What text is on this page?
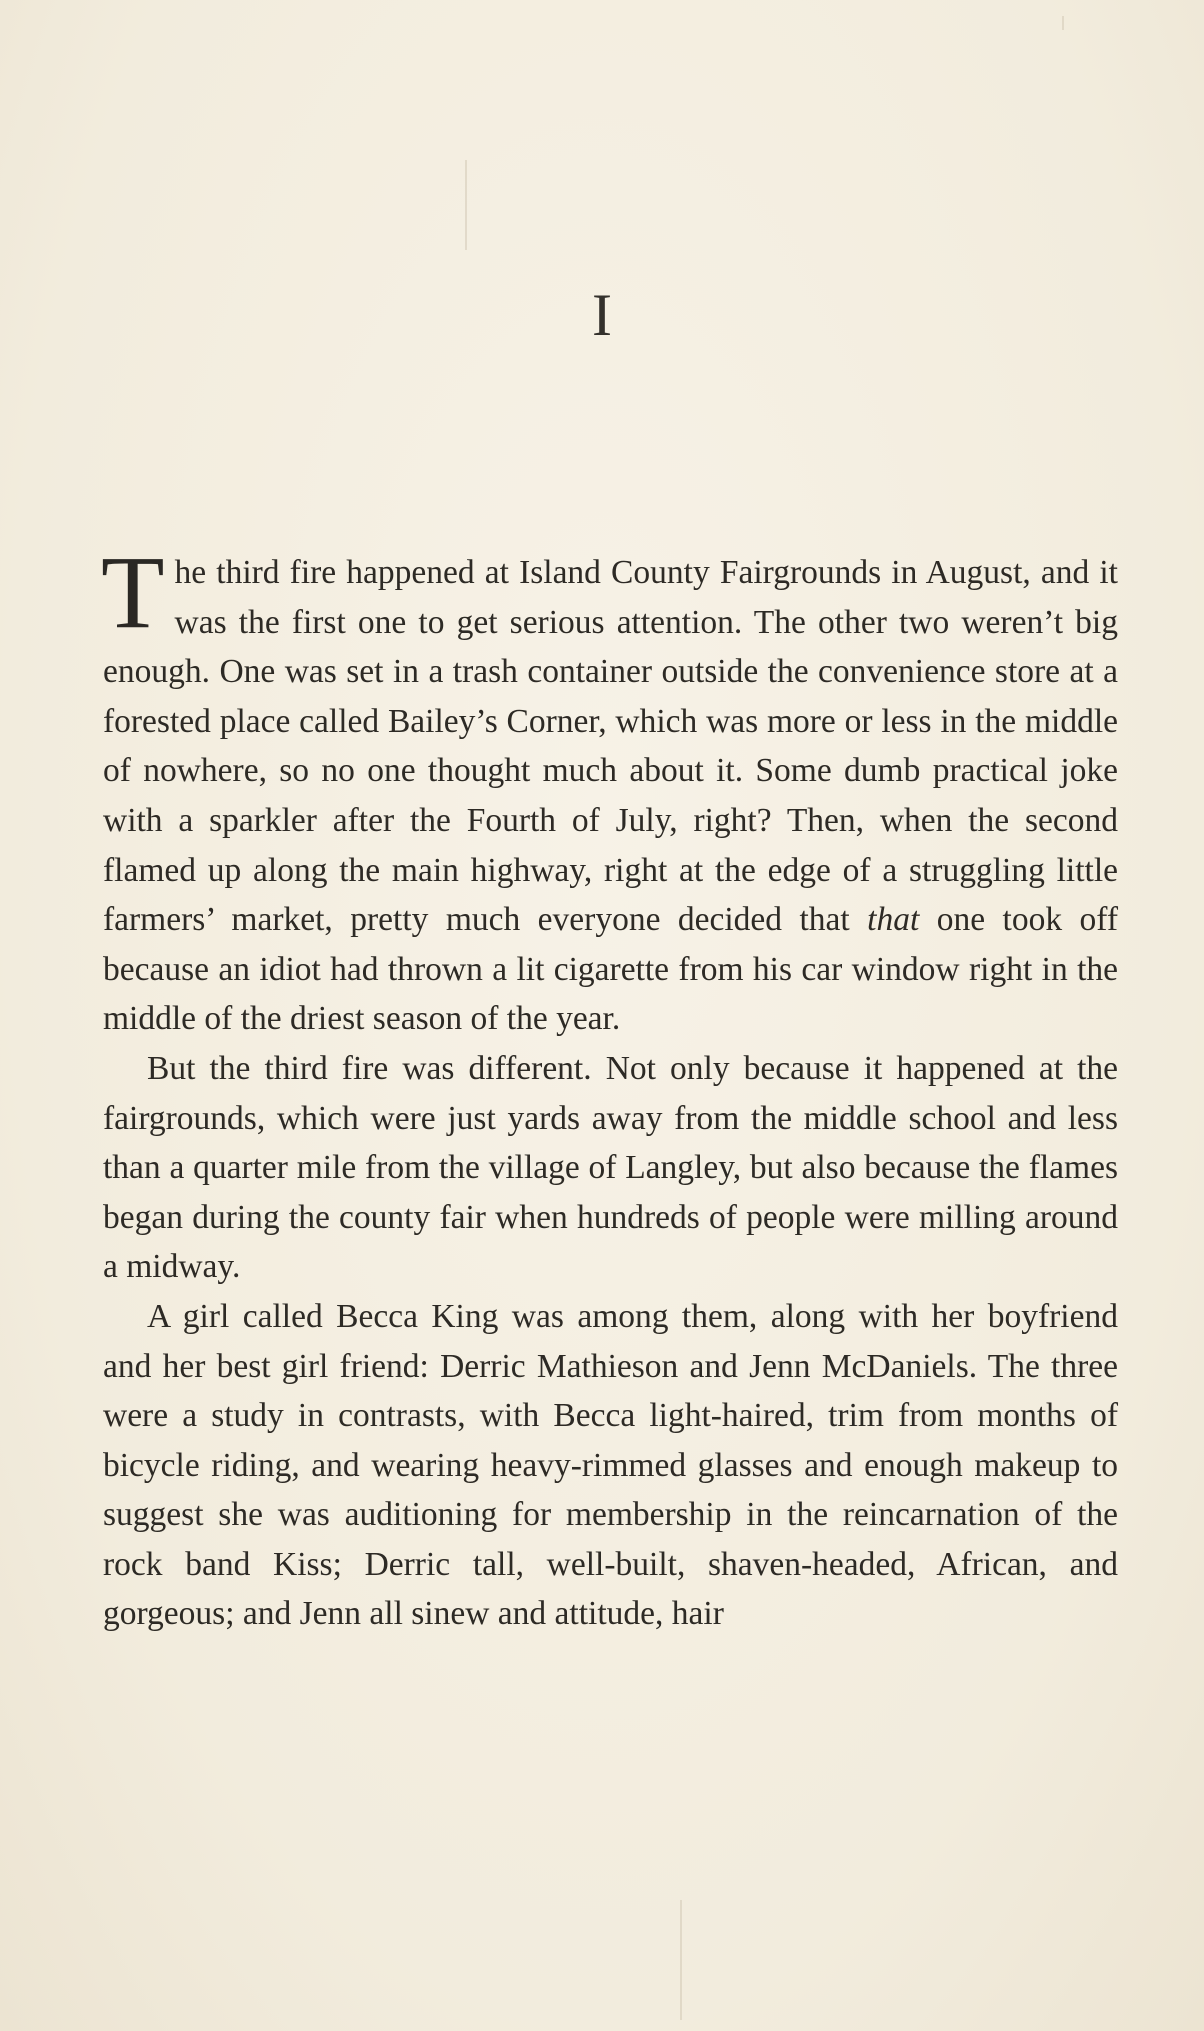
I

The third fire happened at Island County Fairgrounds in August, and it was the first one to get serious attention. The other two weren’t big enough. One was set in a trash container outside the convenience store at a forested place called Bailey’s Corner, which was more or less in the middle of nowhere, so no one thought much about it. Some dumb practical joke with a sparkler after the Fourth of July, right? Then, when the second flamed up along the main highway, right at the edge of a struggling little farmers’ market, pretty much everyone decided that that one took off because an idiot had thrown a lit cigarette from his car window right in the middle of the driest season of the year.

But the third fire was different. Not only because it happened at the fairgrounds, which were just yards away from the middle school and less than a quarter mile from the village of Langley, but also because the flames began during the county fair when hundreds of people were milling around a midway.

A girl called Becca King was among them, along with her boyfriend and her best girl friend: Derric Mathieson and Jenn McDaniels. The three were a study in contrasts, with Becca light-haired, trim from months of bicycle riding, and wearing heavy-rimmed glasses and enough makeup to suggest she was auditioning for membership in the reincarnation of the rock band Kiss; Derric tall, well-built, shaven-headed, African, and gorgeous; and Jenn all sinew and attitude, hair
